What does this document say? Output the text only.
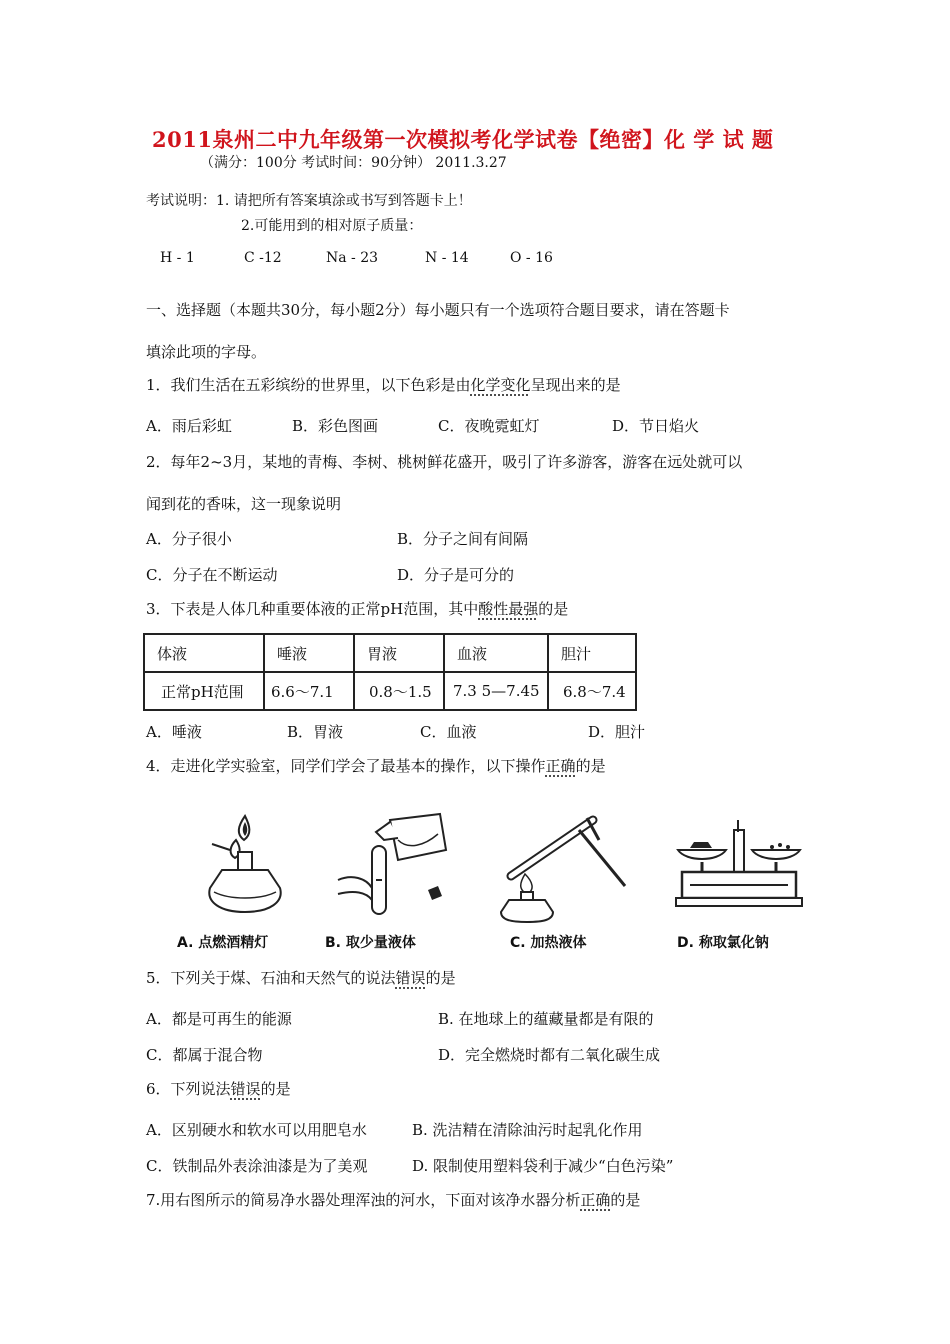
2011泉州二中九年级第一次模拟考化学试卷【绝密】化 学 试 题
（满分：100分 考试时间：90分钟） 2011.3.27
考试说明：1. 请把所有答案填涂或书写到答题卡上！
2.可能用到的相对原子质量：
H - 1	C -12	Na - 23	N - 14	O - 16
一、选择题（本题共30分，每小题2分）每小题只有一个选项符合题目要求，请在答题卡
填涂此项的字母。
1．我们生活在五彩缤纷的世界里，以下色彩是由化学变化呈现出来的是
A．雨后彩虹	B．彩色图画	C．夜晚霓虹灯	D．节日焰火
2．每年2~3月，某地的青梅、李树、桃树鲜花盛开，吸引了许多游客，游客在远处就可以
闻到花的香味，这一现象说明
A．分子很小	B．分子之间有间隔
C．分子在不断运动	D．分子是可分的
3．下表是人体几种重要体液的正常pH范围，其中酸性最强的是
体液	唾液	胃液	血液	胆汁
正常pH范围	6.6～7.1	0.8～1.5	7.3 5—7.45	6.8～7.4
A．唾液	B．胃液	C．血液	D．胆汁
4．走进化学实验室，同学们学会了最基本的操作，以下操作正确的是
A. 点燃酒精灯	B. 取少量液体	C. 加热液体	D. 称取氯化钠
5．下列关于煤、石油和天然气的说法错误的是
A．都是可再生的能源	B. 在地球上的蕴藏量都是有限的
C．都属于混合物	D．完全燃烧时都有二氧化碳生成
6．下列说法错误的是
A．区别硬水和软水可以用肥皂水	B. 洗洁精在清除油污时起乳化作用
C．铁制品外表涂油漆是为了美观	D. 限制使用塑料袋利于减少“白色污染”
7.用右图所示的简易净水器处理浑浊的河水，下面对该净水器分析正确的是
